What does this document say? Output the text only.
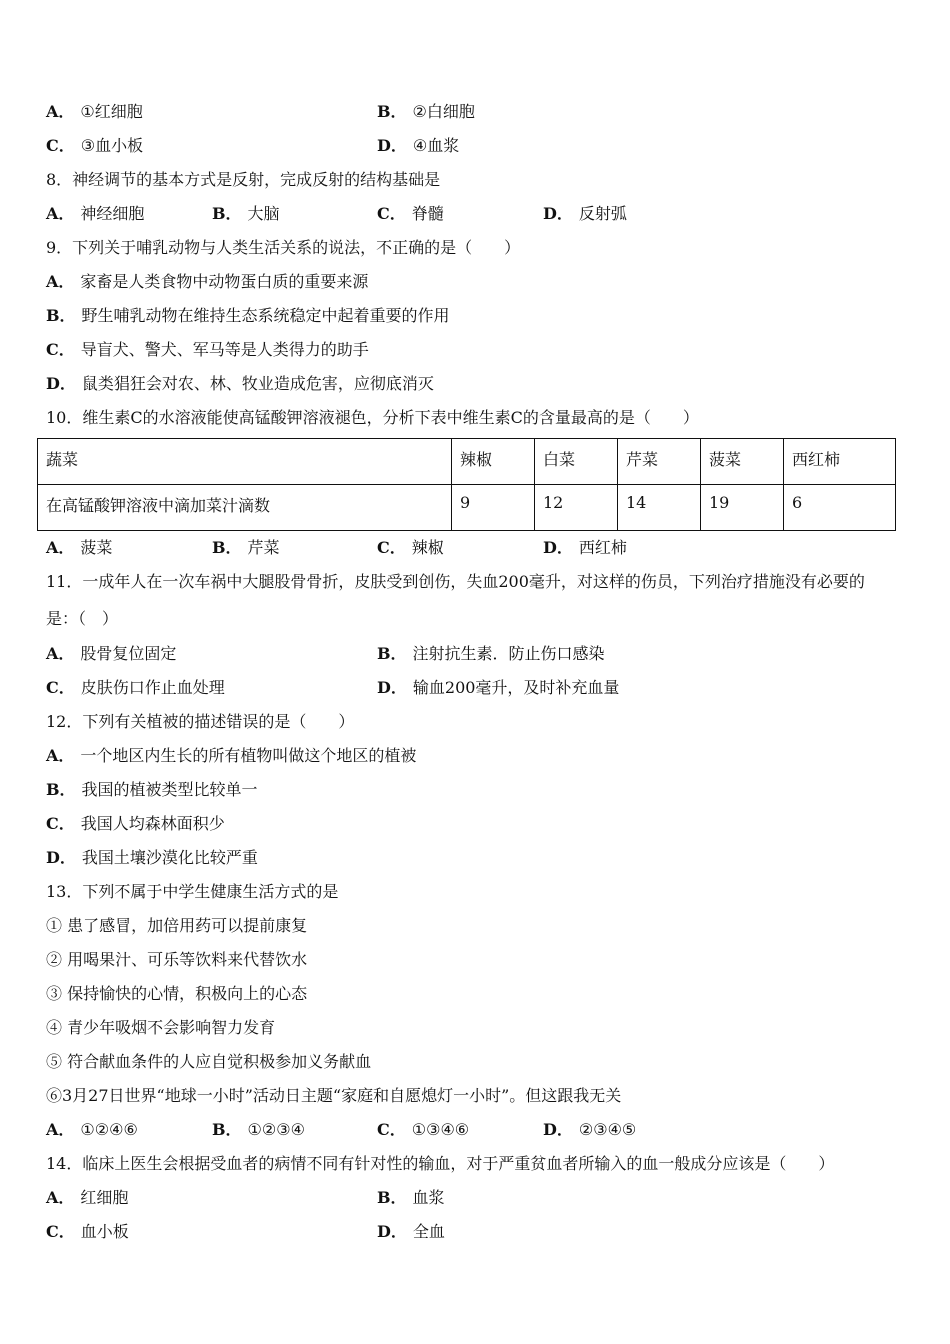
A． ①红细胞	B． ②白细胞
C． ③血小板	D． ④血浆
8．神经调节的基本方式是反射，完成反射的结构基础是
A． 神经细胞	B． 大脑	C． 脊髓	D． 反射弧
9．下列关于哺乳动物与人类生活关系的说法，不正确的是（　　）
A． 家畜是人类食物中动物蛋白质的重要来源
B． 野生哺乳动物在维持生态系统稳定中起着重要的作用
C． 导盲犬、警犬、军马等是人类得力的助手
D． 鼠类猖狂会对农、林、牧业造成危害，应彻底消灭
10．维生素C的水溶液能使高锰酸钾溶液褪色，分析下表中维生素C的含量最高的是（　　）
蔬菜	辣椒	白菜	芹菜	菠菜	西红柿
在高锰酸钾溶液中滴加菜汁滴数	9	12	14	19	6
A． 菠菜	B． 芹菜	C． 辣椒	D． 西红柿
11．一成年人在一次车祸中大腿股骨骨折，皮肤受到创伤，失血200毫升，对这样的伤员，下列治疗措施没有必要的
是：（　）
A． 股骨复位固定	B． 注射抗生素．防止伤口感染
C． 皮肤伤口作止血处理	D． 输血200毫升，及时补充血量
12．下列有关植被的描述错误的是（　　）
A． 一个地区内生长的所有植物叫做这个地区的植被
B． 我国的植被类型比较单一
C． 我国人均森林面积少
D． 我国土壤沙漠化比较严重
13．下列不属于中学生健康生活方式的是
① 患了感冒，加倍用药可以提前康复
② 用喝果汁、可乐等饮料来代替饮水
③ 保持愉快的心情，积极向上的心态
④ 青少年吸烟不会影响智力发育
⑤ 符合献血条件的人应自觉积极参加义务献血
⑥3月27日世界“地球一小时”活动日主题“家庭和自愿熄灯一小时”。但这跟我无关
A． ①②④⑥	B． ①②③④	C． ①③④⑥	D． ②③④⑤
14．临床上医生会根据受血者的病情不同有针对性的输血，对于严重贫血者所输入的血一般成分应该是（　　）
A． 红细胞	B． 血浆
C． 血小板	D． 全血
